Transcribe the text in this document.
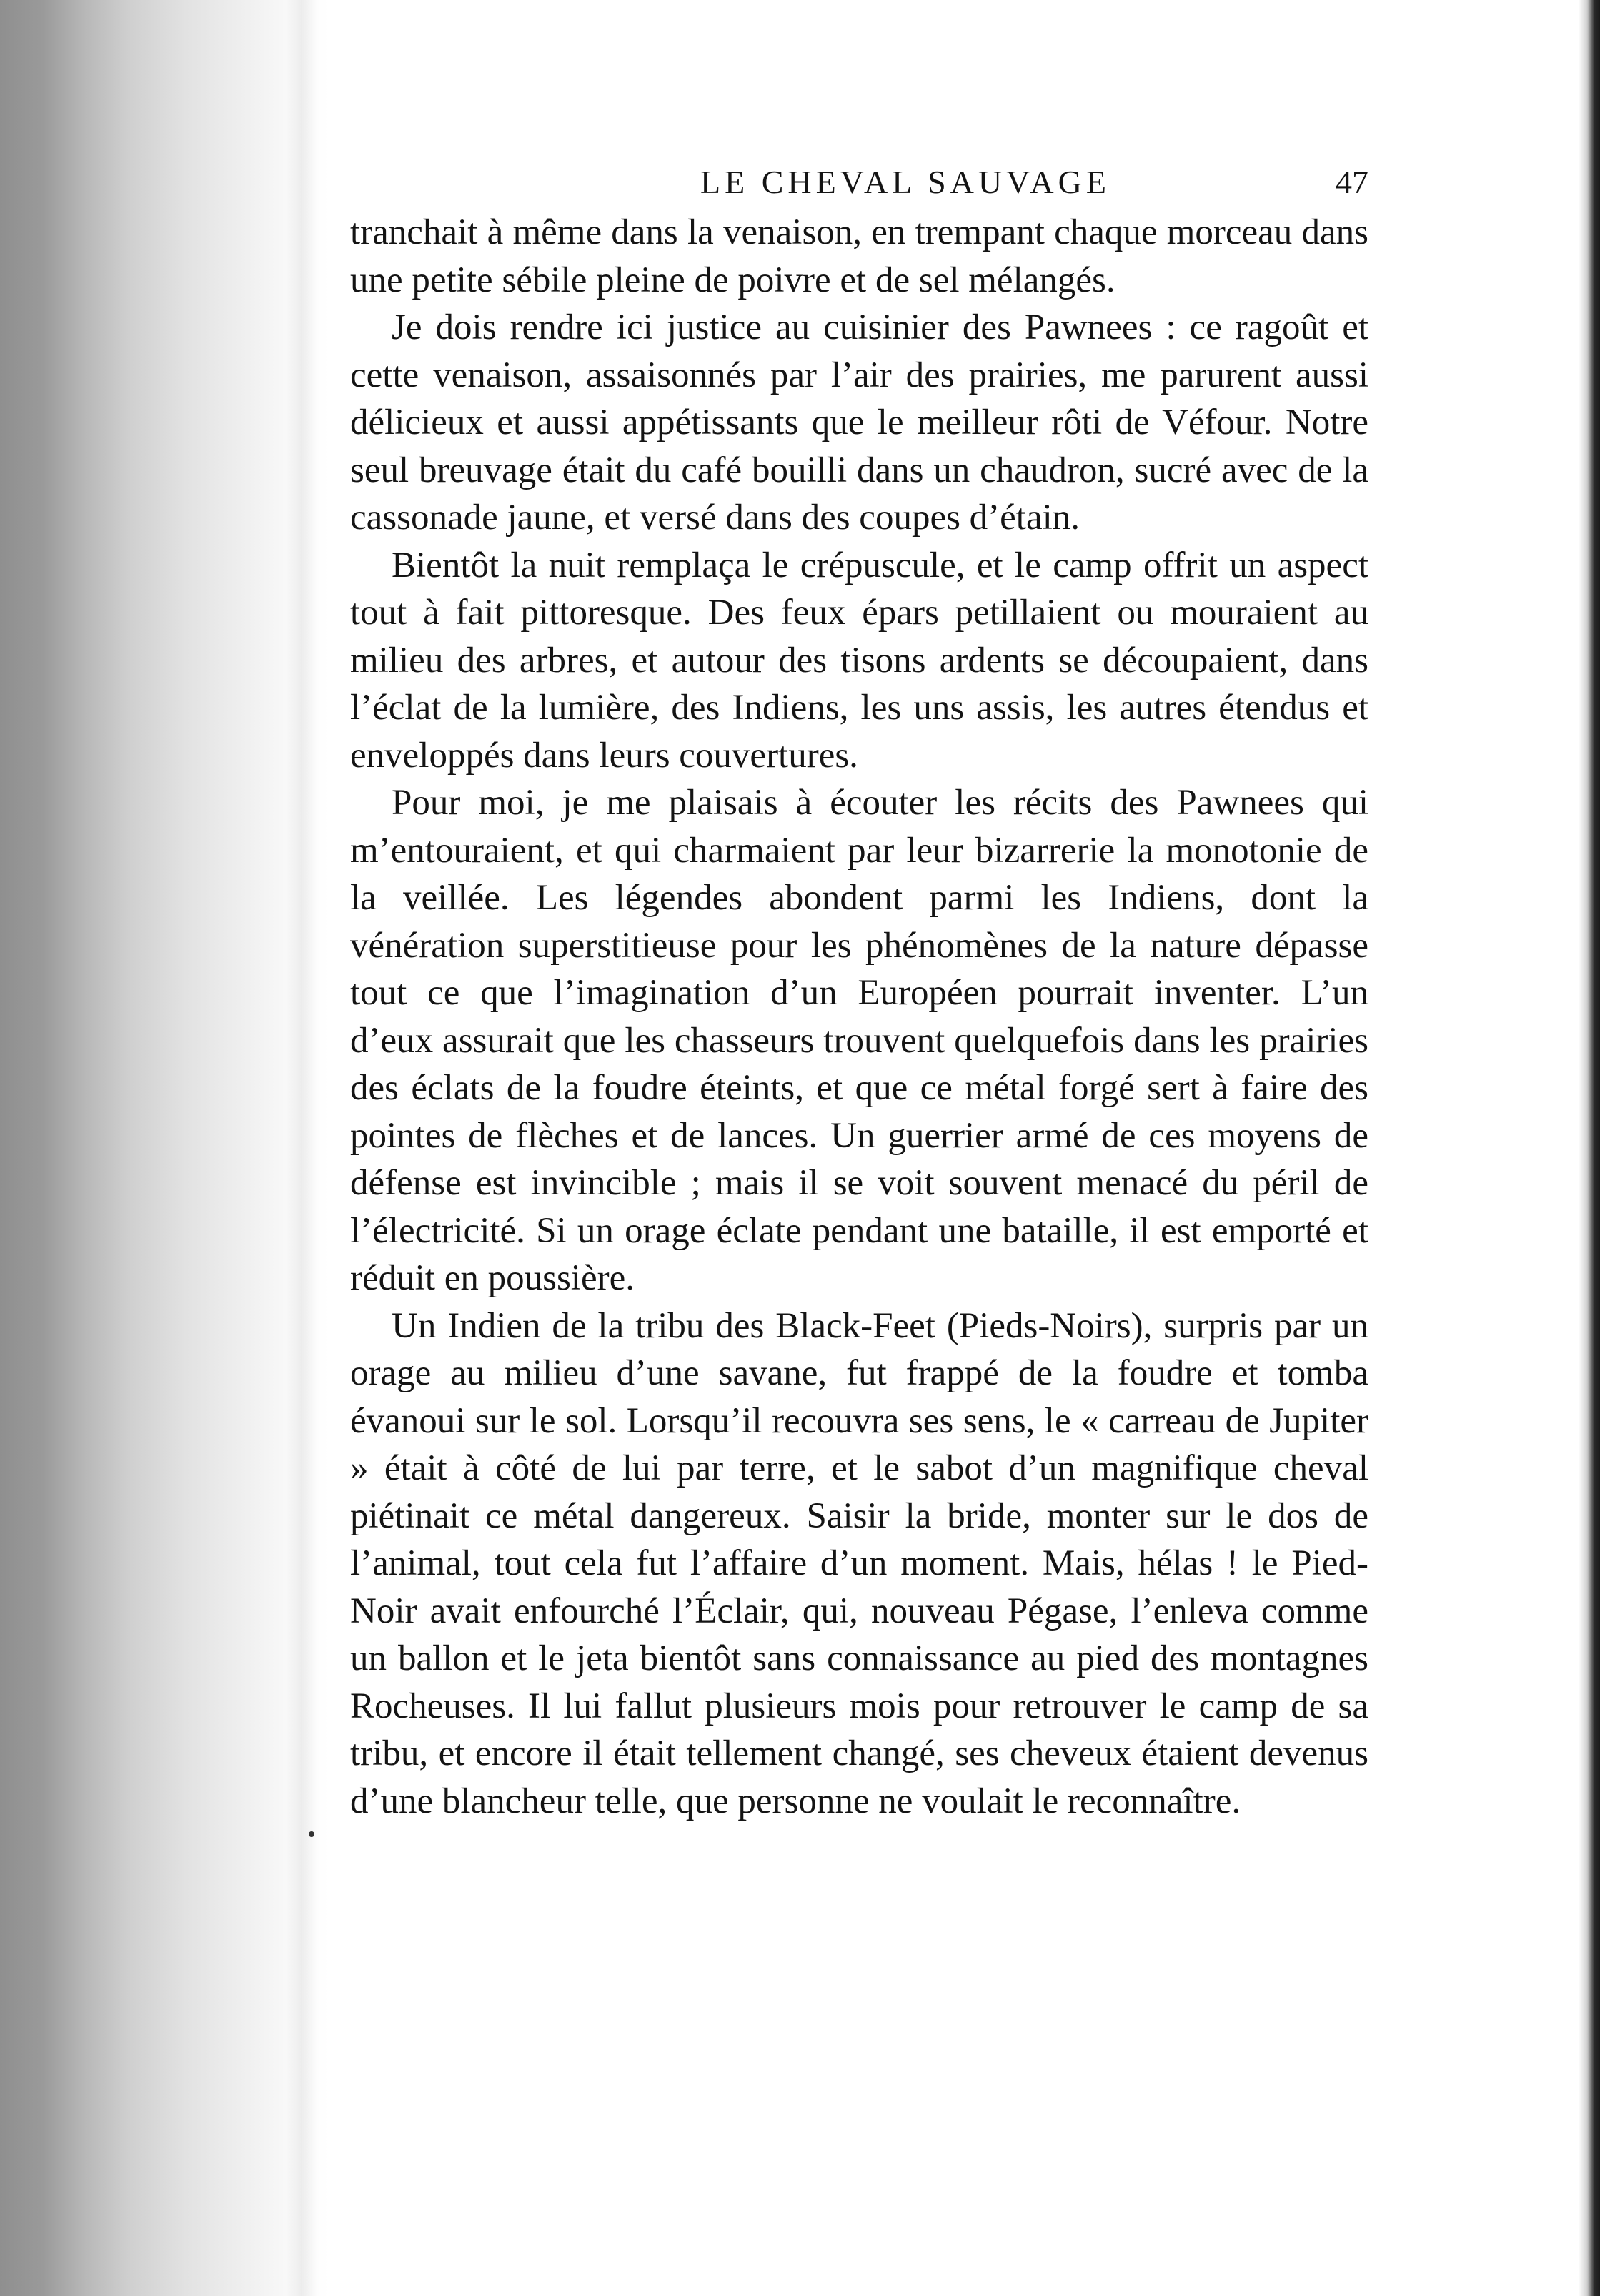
LE CHEVAL SAUVAGE	47

tranchait à même dans la venaison, en trempant chaque morceau dans une petite sébile pleine de poivre et de sel mélangés.

Je dois rendre ici justice au cuisinier des Pawnees : ce ragoût et cette venaison, assaisonnés par l’air des prairies, me parurent aussi délicieux et aussi appétissants que le meilleur rôti de Véfour. Notre seul breuvage était du café bouilli dans un chaudron, sucré avec de la cassonade jaune, et versé dans des coupes d’étain.

Bientôt la nuit remplaça le crépuscule, et le camp offrit un aspect tout à fait pittoresque. Des feux épars petillaient ou mouraient au milieu des arbres, et autour des tisons ardents se découpaient, dans l’éclat de la lumière, des Indiens, les uns assis, les autres étendus et enveloppés dans leurs couvertures.

Pour moi, je me plaisais à écouter les récits des Pawnees qui m’entouraient, et qui charmaient par leur bizarrerie la monotonie de la veillée. Les légendes abondent parmi les Indiens, dont la vénération superstitieuse pour les phénomènes de la nature dépasse tout ce que l’imagination d’un Européen pourrait inventer. L’un d’eux assurait que les chasseurs trouvent quelquefois dans les prairies des éclats de la foudre éteints, et que ce métal forgé sert à faire des pointes de flèches et de lances. Un guerrier armé de ces moyens de défense est invincible ; mais il se voit souvent menacé du péril de l’électricité. Si un orage éclate pendant une bataille, il est emporté et réduit en poussière.

Un Indien de la tribu des Black-Feet (Pieds-Noirs), surpris par un orage au milieu d’une savane, fut frappé de la foudre et tomba évanoui sur le sol. Lorsqu’il recouvra ses sens, le « carreau de Jupiter » était à côté de lui par terre, et le sabot d’un magnifique cheval piétinait ce métal dangereux. Saisir la bride, monter sur le dos de l’animal, tout cela fut l’affaire d’un moment. Mais, hélas ! le Pied-Noir avait enfourché l’Éclair, qui, nouveau Pégase, l’enleva comme un ballon et le jeta bientôt sans connaissance au pied des montagnes Rocheuses. Il lui fallut plusieurs mois pour retrouver le camp de sa tribu, et encore il était tellement changé, ses cheveux étaient devenus d’une blancheur telle, que personne ne voulait le reconnaître.
